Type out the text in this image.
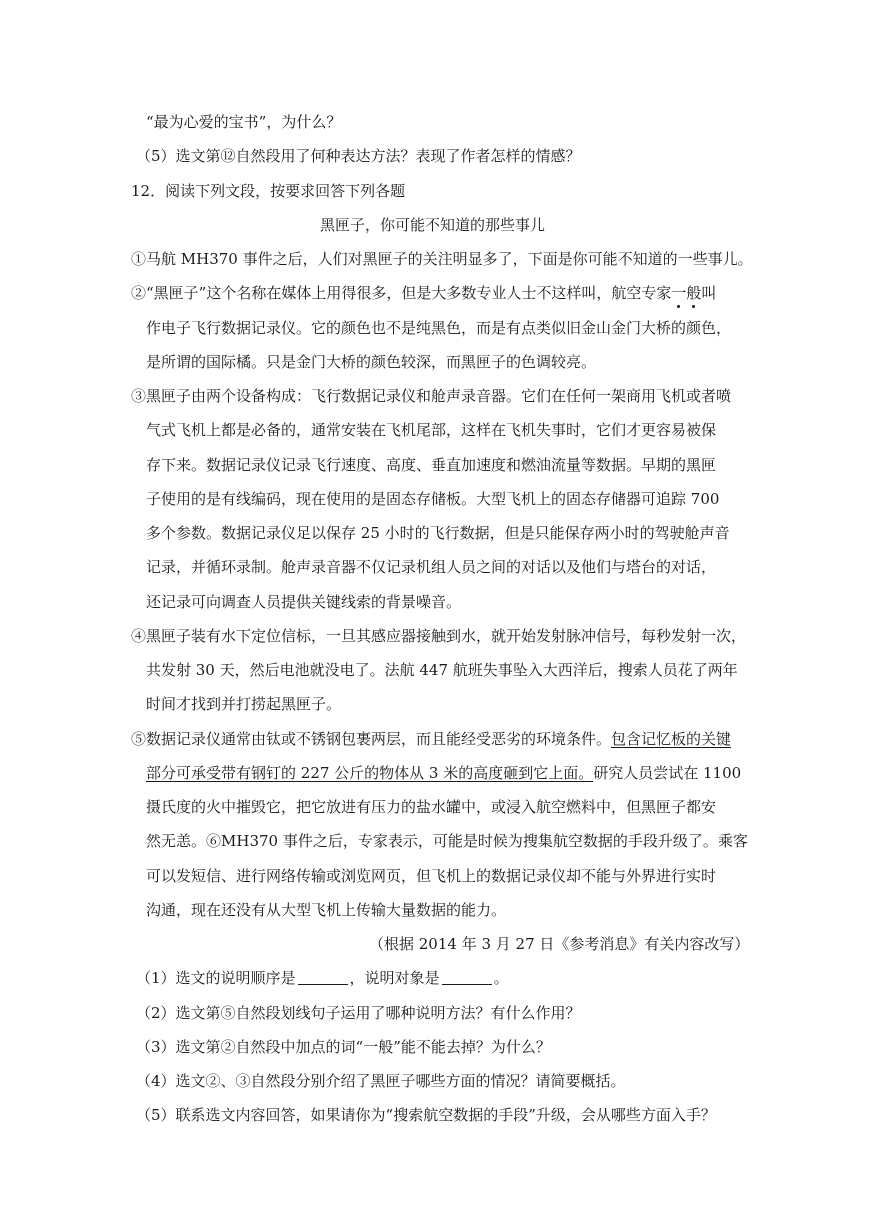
“最为心爱的宝书”，为什么？
（5）选文第⑫自然段用了何种表达方法？表现了作者怎样的情感？
12．阅读下列文段，按要求回答下列各题
黑匣子，你可能不知道的那些事儿
①马航 MH370 事件之后，人们对黑匣子的关注明显多了，下面是你可能不知道的一些事儿。
②“黑匣子”这个名称在媒体上用得很多，但是大多数专业人士不这样叫，航空专家一般叫
作电子飞行数据记录仪。它的颜色也不是纯黑色，而是有点类似旧金山金门大桥的颜色，
是所谓的国际橘。只是金门大桥的颜色较深，而黑匣子的色调较亮。
③黑匣子由两个设备构成：飞行数据记录仪和舱声录音器。它们在任何一架商用飞机或者喷
气式飞机上都是必备的，通常安装在飞机尾部，这样在飞机失事时，它们才更容易被保
存下来。数据记录仪记录飞行速度、高度、垂直加速度和燃油流量等数据。早期的黑匣
子使用的是有线编码，现在使用的是固态存储板。大型飞机上的固态存储器可追踪 700
多个参数。数据记录仪足以保存 25 小时的飞行数据，但是只能保存两小时的驾驶舱声音
记录，并循环录制。舱声录音器不仅记录机组人员之间的对话以及他们与塔台的对话，
还记录可向调查人员提供关键线索的背景噪音。
④黑匣子装有水下定位信标，一旦其感应器接触到水，就开始发射脉冲信号，每秒发射一次，
共发射 30 天，然后电池就没电了。法航 447 航班失事坠入大西洋后，搜索人员花了两年
时间才找到并打捞起黑匣子。
⑤数据记录仪通常由钛或不锈钢包裹两层，而且能经受恶劣的环境条件。包含记忆板的关键
部分可承受带有钢钉的 227 公斤的物体从 3 米的高度砸到它上面。研究人员尝试在 1100
摄氏度的火中摧毁它，把它放进有压力的盐水罐中，或浸入航空燃料中，但黑匣子都安
然无恙。⑥MH370 事件之后，专家表示，可能是时候为搜集航空数据的手段升级了。乘客
可以发短信、进行网络传输或浏览网页，但飞机上的数据记录仪却不能与外界进行实时
沟通，现在还没有从大型飞机上传输大量数据的能力。
（根据 2014 年 3 月 27 日《参考消息》有关内容改写）
（1）选文的说明顺序是	，说明对象是	。
（2）选文第⑤自然段划线句子运用了哪种说明方法？有什么作用？
（3）选文第②自然段中加点的词“一般”能不能去掉？为什么？
（4）选文②、③自然段分别介绍了黑匣子哪些方面的情况？请简要概括。
（5）联系选文内容回答，如果请你为“搜索航空数据的手段”升级，会从哪些方面入手？
